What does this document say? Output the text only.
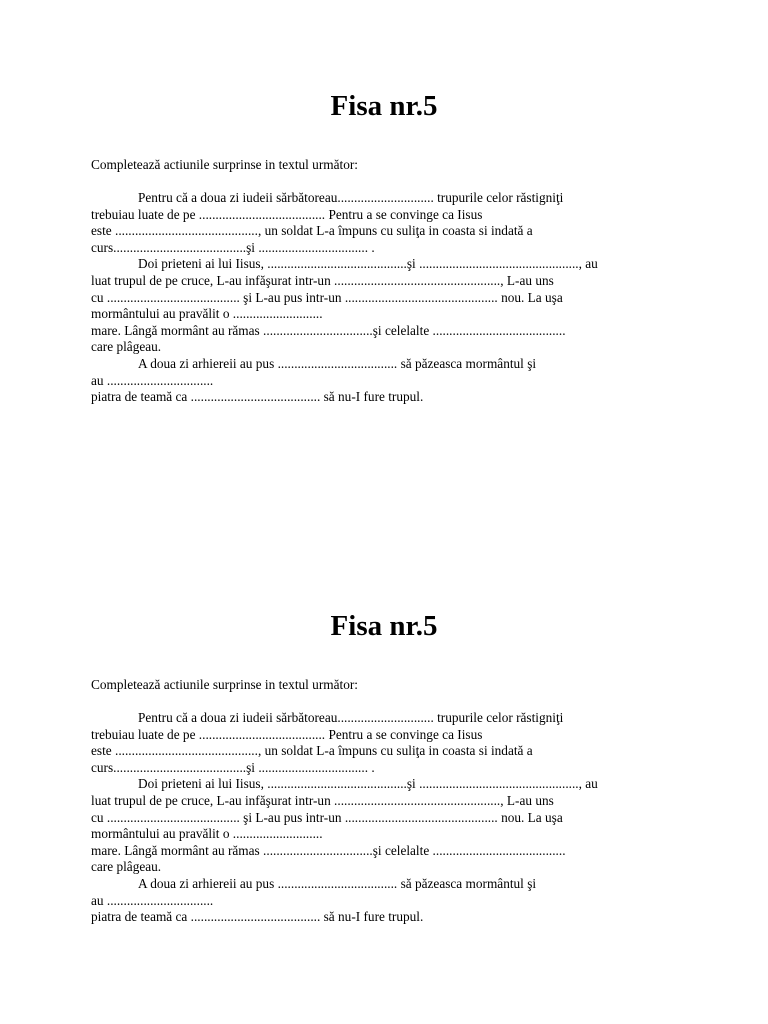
Fisa nr.5
Completează actiunile surprinse in textul următor:
Pentru că a doua zi iudeii sărbătoreau............................. trupurile celor răstigniţi
trebuiau luate de pe ...................................... Pentru a se convinge ca Iisus
este ..........................................., un soldat L-a împuns cu suliţa in coasta si indată a
curs........................................şi ................................. .
Doi prieteni ai lui Iisus, ..........................................şi ................................................, au
luat trupul de pe cruce, L-au infăşurat intr-un .................................................., L-au uns
cu ........................................ şi L-au pus intr-un .............................................. nou. La uşa
mormântului au pravălit o ...........................
mare. Lângă mormânt au rămas .................................şi celelalte ........................................
care plâgeau.
A doua zi arhiereii au pus .................................... să păzeasca mormântul şi
au ................................
piatra de teamă ca ....................................... să nu-I fure trupul.
Fisa nr.5
Completează actiunile surprinse in textul următor:
Pentru că a doua zi iudeii sărbătoreau............................. trupurile celor răstigniţi
trebuiau luate de pe ...................................... Pentru a se convinge ca Iisus
este ..........................................., un soldat L-a împuns cu suliţa in coasta si indată a
curs........................................şi ................................. .
Doi prieteni ai lui Iisus, ..........................................şi ................................................, au
luat trupul de pe cruce, L-au infăşurat intr-un .................................................., L-au uns
cu ........................................ şi L-au pus intr-un .............................................. nou. La uşa
mormântului au pravălit o ...........................
mare. Lângă mormânt au rămas .................................şi celelalte ........................................
care plâgeau.
A doua zi arhiereii au pus .................................... să păzeasca mormântul şi
au ................................
piatra de teamă ca ....................................... să nu-I fure trupul.
